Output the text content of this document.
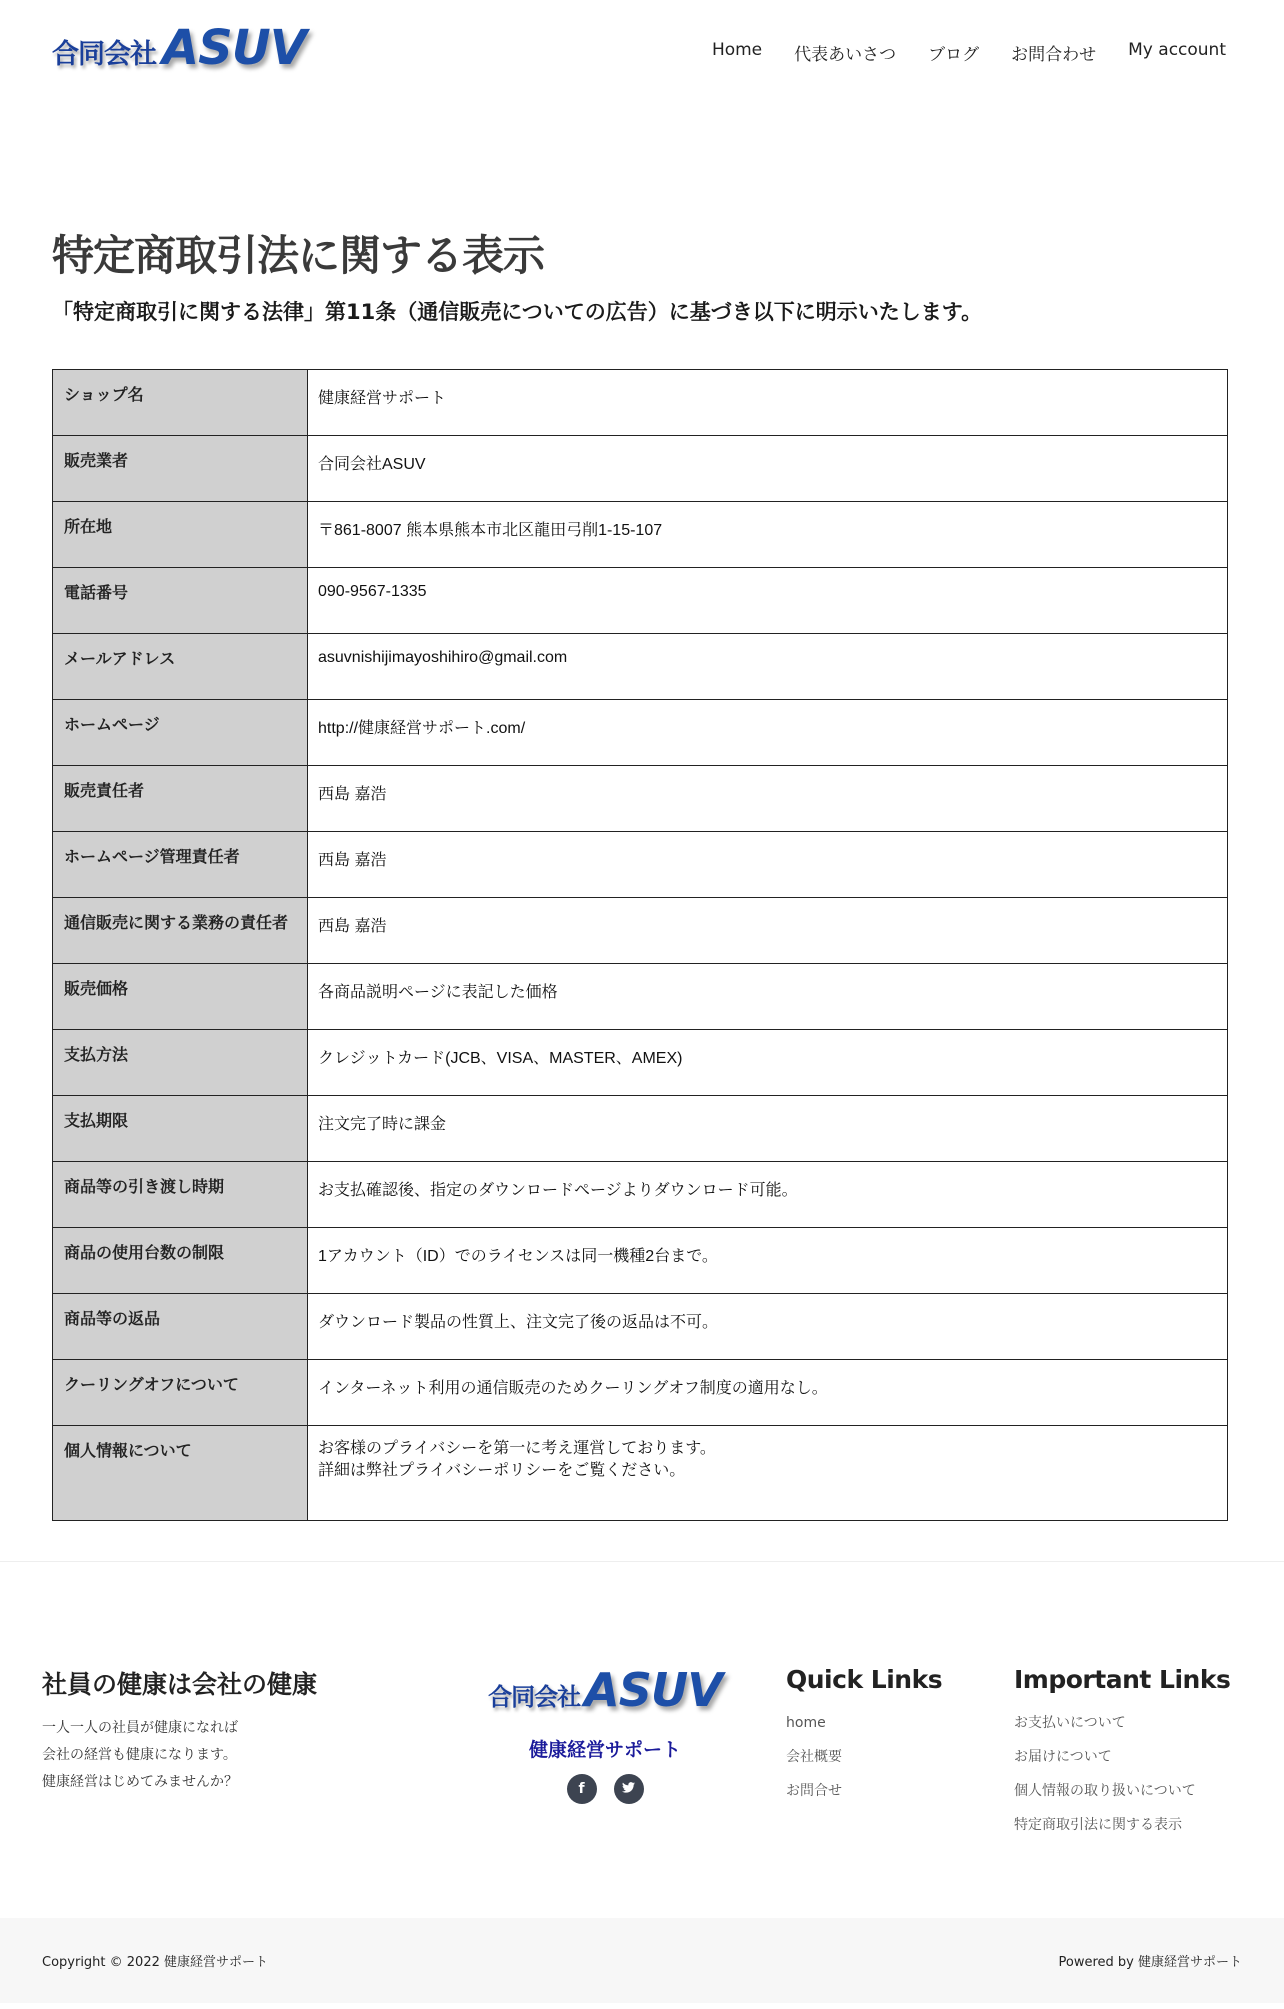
合同会社 ASUV	Home 代表あいさつ ブログ お問合わせ My account
特定商取引法に関する表示
「特定商取引に関する法律」第11条（通信販売についての広告）に基づき以下に明示いたします。
ショップ名	健康経営サポート
販売業者	合同会社ASUV
所在地	〒861-8007 熊本県熊本市北区龍田弓削1-15-107
電話番号	090-9567-1335
メールアドレス	asuvnishijimayoshihiro@gmail.com
ホームページ	http://健康経営サポート.com/
販売責任者	西島 嘉浩
ホームページ管理責任者	西島 嘉浩
通信販売に関する業務の責任者	西島 嘉浩
販売価格	各商品説明ページに表記した価格
支払方法	クレジットカード(JCB、VISA、MASTER、AMEX)
支払期限	注文完了時に課金
商品等の引き渡し時期	お支払確認後、指定のダウンロードページよりダウンロード可能。
商品の使用台数の制限	1アカウント（ID）でのライセンスは同一機種2台まで。
商品等の返品	ダウンロード製品の性質上、注文完了後の返品は不可。
クーリングオフについて	インターネット利用の通信販売のためクーリングオフ制度の適用なし。
個人情報について	お客様のプライバシーを第一に考え運営しております。
詳細は弊社プライバシーポリシーをご覧ください。
社員の健康は会社の健康
一人一人の社員が健康になれば
会社の経営も健康になります。
健康経営はじめてみませんか？
合同会社 ASUV
健康経営サポート
f
Quick Links
home
会社概要
お問合せ
Important Links
お支払いについて
お届けについて
個人情報の取り扱いについて
特定商取引法に関する表示
Copyright © 2022 健康経営サポート	Powered by 健康経営サポート
